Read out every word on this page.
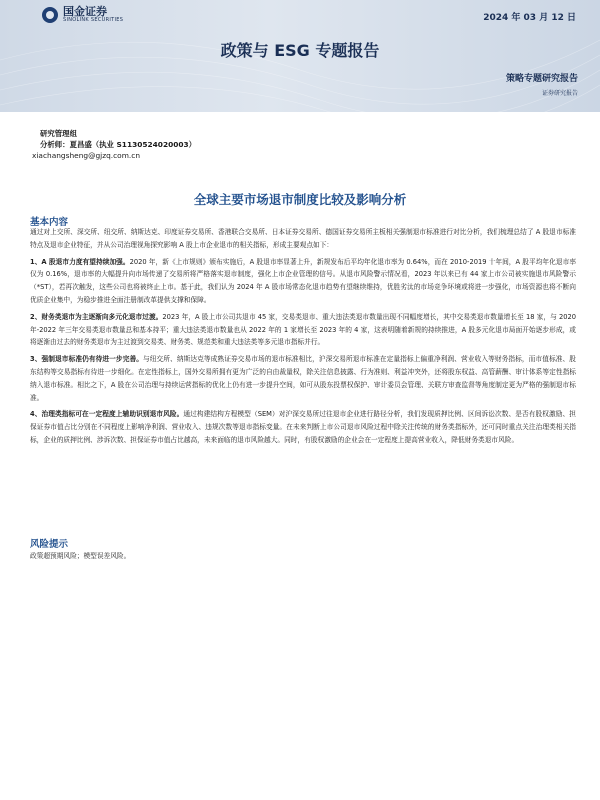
国金证券
SINOLINK SECURITIES	2024 年 03 月 12 日
政策与 ESG 专题报告
策略专题研究报告
证券研究报告
研究管理组
分析师：夏昌盛（执业 S1130524020003）
xiachangsheng@gjzq.com.cn
全球主要市场退市制度比较及影响分析
基本内容

通过对上交所、深交所、纽交所、纳斯达克、印度证券交易所、香港联合交易所、日本证券交易所、德国证券交易所主板相关强制退市标准进行对比分析，我们梳理总结了 A 股退市标准特点及退市企业特征，并从公司治理视角探究影响 A 股上市企业退市的相关指标，形成主要观点如下：

1、A 股退市力度有望持续加强。2020 年，新《上市规则》颁布实施后，A 股退市率显著上升，新规发布后平均年化退市率为 0.64%，而在 2010-2019 十年间，A 股平均年化退市率仅为 0.16%，退市率的大幅提升向市场传递了交易所将严格落实退市制度，强化上市企业管理的信号。从退市风险警示情况看，2023 年以来已有 44 家上市公司被实施退市风险警示（*ST），若再次触发，这些公司也将被终止上市。基于此，我们认为 2024 年 A 股市场常态化退市趋势有望继续维持，优胜劣汰的市场竞争环境或将进一步强化，市场资源也将不断向优质企业集中，为稳步推进全面注册制改革提供支撑和保障。

2、财务类退市为主逐渐向多元化退市过渡。2023 年，A 股上市公司共退市 45 家，交易类退市、重大违法类退市数量出现不同幅度增长，其中交易类退市数量增长至 18 家，与 2020 年-2022 年三年交易类退市数量总和基本持平；重大违法类退市数量也从 2022 年的 1 家增长至 2023 年的 4 家，这表明随着新规的持续推进，A 股多元化退市局面开始逐步形成，或将逐渐由过去的财务类退市为主过渡到交易类、财务类、规范类和重大违法类等多元退市指标并行。

3、强制退市标准仍有待进一步完善。与纽交所、纳斯达克等成熟证券交易市场的退市标准相比，沪深交易所退市标准在定量指标上偏重净利润、营业收入等财务指标，而市值标准、股东结构等交易指标有待进一步细化。在定性指标上，国外交易所拥有更为广泛的自由裁量权，除关注信息披露、行为准则、利益冲突外，还将股东权益、高管薪酬、审计体系等定性指标纳入退市标准。相比之下，A 股在公司治理与持续运营指标的优化上仍有进一步提升空间，如可从股东投票权保护、审计委员会管理、关联方审查监督等角度制定更为严格的强制退市标准。

4、治理类指标可在一定程度上辅助识别退市风险。通过构建结构方程模型（SEM）对沪深交易所过往退市企业进行路径分析，我们发现质押比例、区间诉讼次数、是否有股权激励、担保证券市值占比分别在不同程度上影响净利润、营业收入、违规次数等退市指标变量。在未来判断上市公司退市风险过程中除关注传统的财务类指标外，还可同时重点关注治理类相关指标，企业的质押比例、涉诉次数、担保证券市值占比越高，未来面临的退市风险越大。同时，有股权激励的企业会在一定程度上提高营业收入，降低财务类退市风险。

风险提示
政策超预期风险；模型误差风险。
